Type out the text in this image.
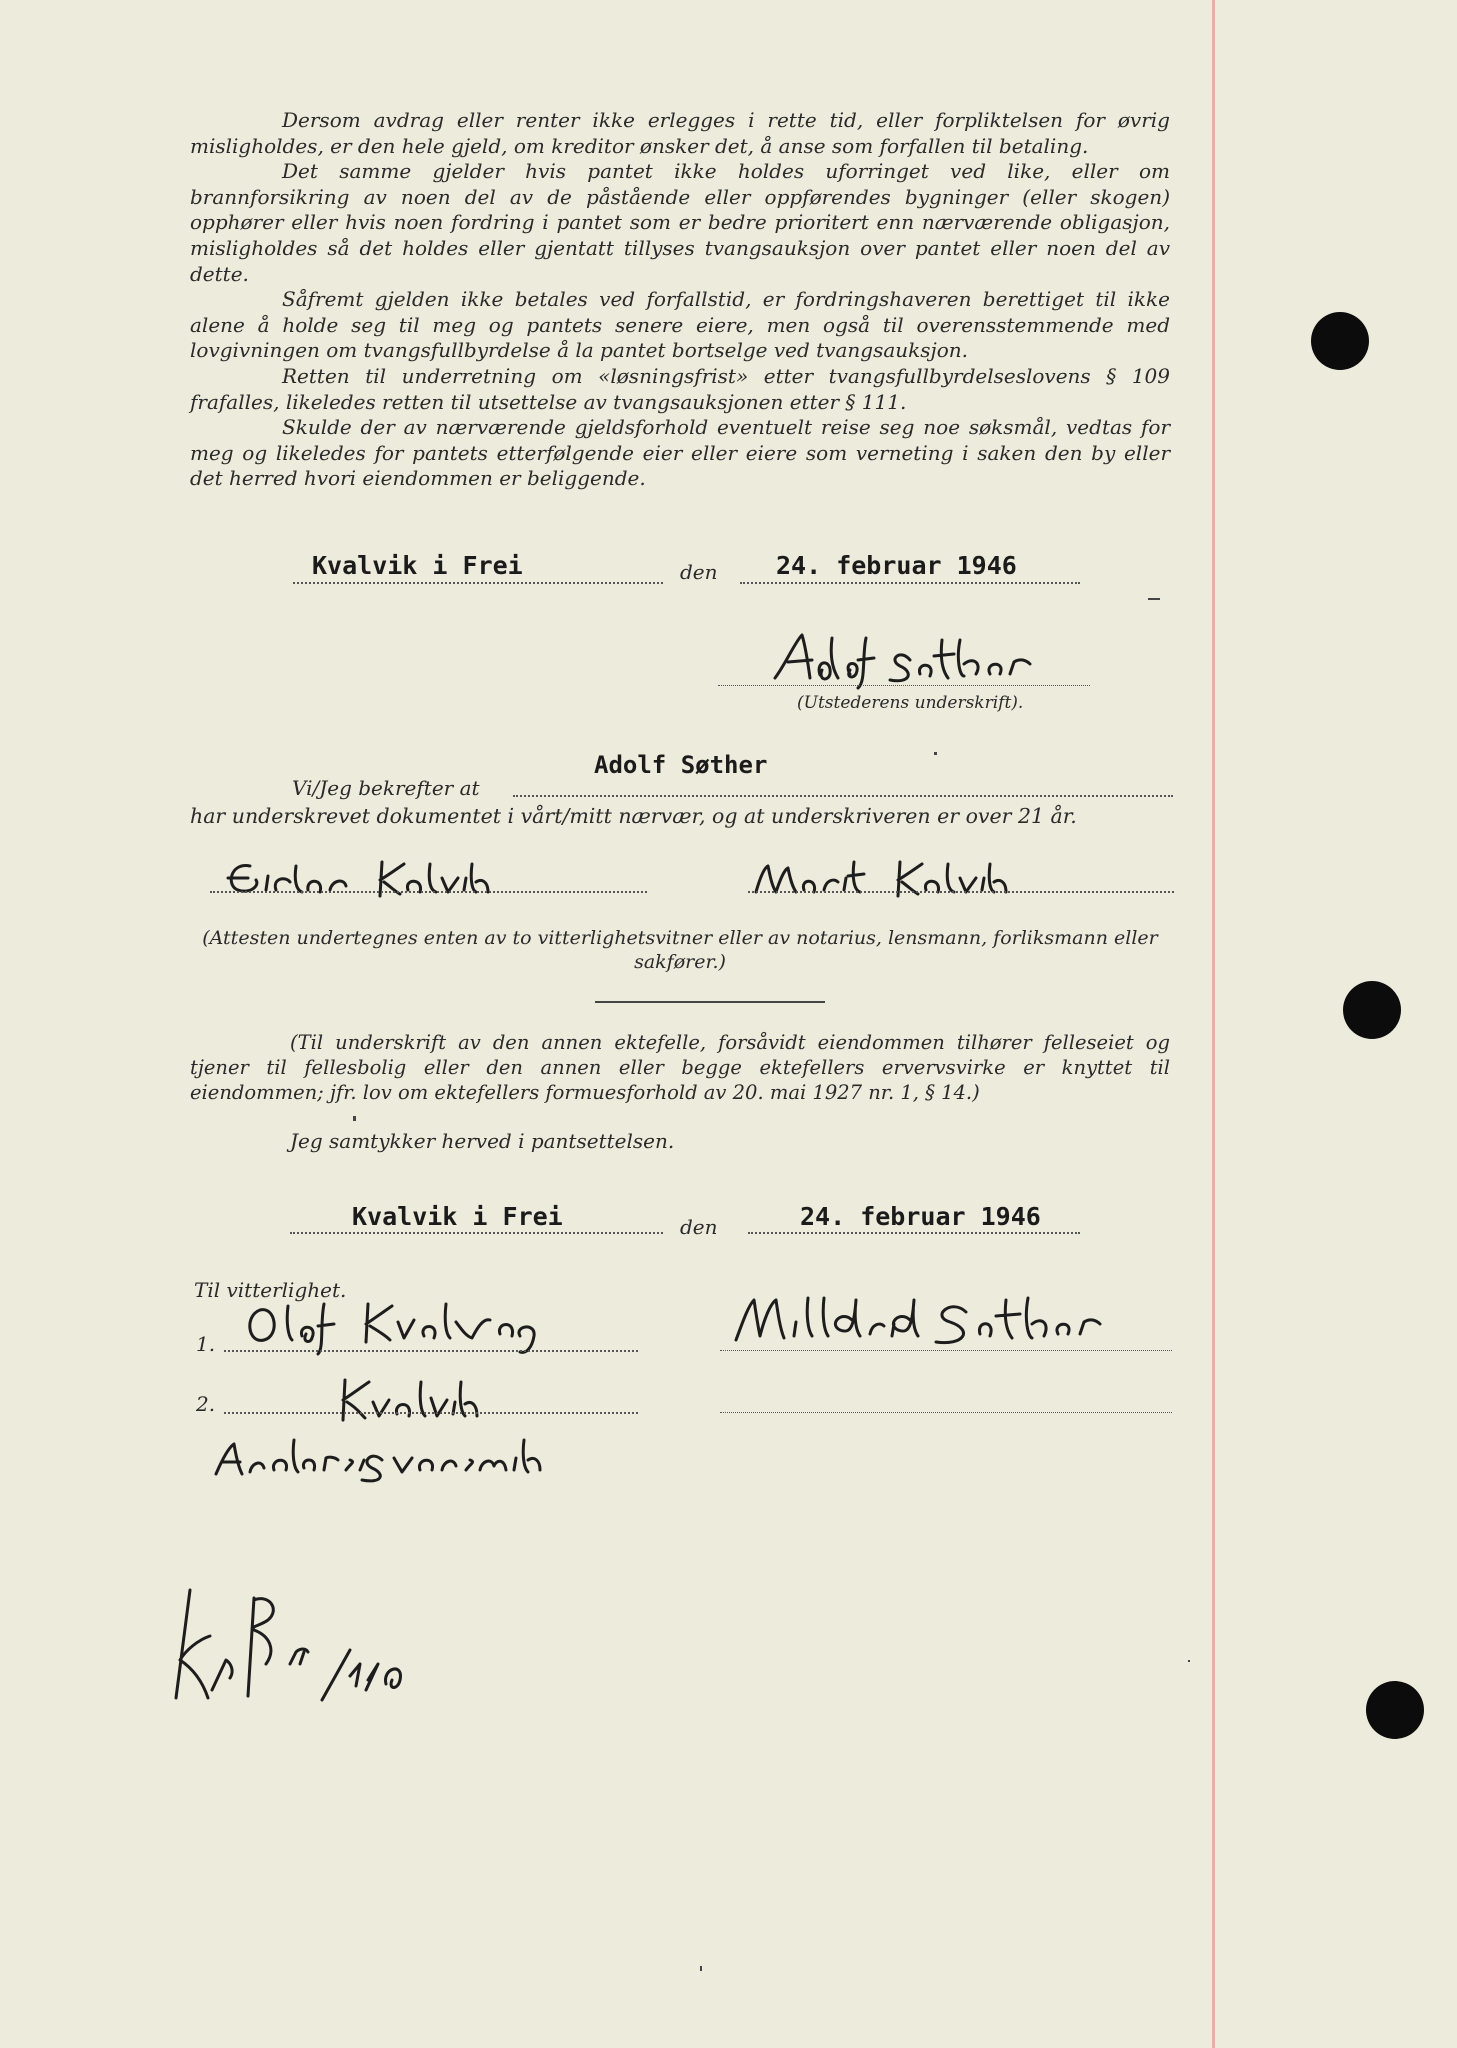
Dersom avdrag eller renter ikke erlegges i rette tid, eller forpliktelsen for øvrig misligholdes, er den hele gjeld, om kreditor ønsker det, å anse som forfallen til betaling.

Det samme gjelder hvis pantet ikke holdes uforringet ved like, eller om brannforsikring av noen del av de påstående eller oppførendes bygninger (eller skogen) opphører eller hvis noen fordring i pantet som er bedre prioritert enn nærværende obligasjon, misligholdes så det holdes eller gjentatt tillyses tvangsauksjon over pantet eller noen del av dette.

Såfremt gjelden ikke betales ved forfallstid, er fordringshaveren berettiget til ikke alene å holde seg til meg og pantets senere eiere, men også til overensstemmende med lovgivningen om tvangsfullbyrdelse å la pantet bortselge ved tvangsauksjon.

Retten til underretning om «løsningsfrist» etter tvangsfullbyrdelseslovens § 109 frafalles, likeledes retten til utsettelse av tvangsauksjonen etter § 111.

Skulde der av nærværende gjeldsforhold eventuelt reise seg noe søksmål, vedtas for meg og likeledes for pantets etterfølgende eier eller eiere som verneting i saken den by eller det herred hvori eiendommen er beliggende.

Kvalvik i Frei	den 24. februar 1946
(Utstederens underskrift).
Adolf Søther
Vi/Jeg bekrefter at
har underskrevet dokumentet i vårt/mitt nærvær, og at underskriveren er over 21 år.
(Attesten undertegnes enten av to vitterlighetsvitner eller av notarius, lensmann, forliksmann eller sakfører.)

(Til underskrift av den annen ektefelle, forsåvidt eiendommen tilhører felleseiet og tjener til fellesbolig eller den annen eller begge ektefellers ervervsvirke er knyttet til eiendommen; jfr. lov om ektefellers formuesforhold av 20. mai 1927 nr. 1, § 14.)

Jeg samtykker herved i pantsettelsen.
Kvalvik i Frei	den	24. februar 1946
Til vitterlighet.
1.
2.
